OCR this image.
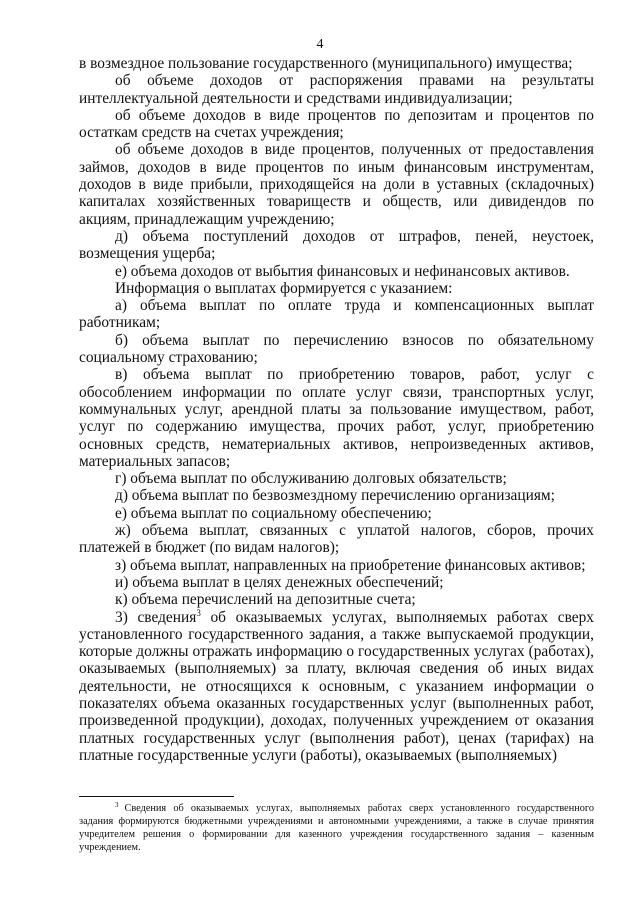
4

в возмездное пользование государственного (муниципального) имущества;

об объеме доходов от распоряжения правами на результаты интеллектуальной деятельности и средствами индивидуализации;

об объеме доходов в виде процентов по депозитам и процентов по остаткам средств на счетах учреждения;

об объеме доходов в виде процентов, полученных от предоставления займов, доходов в виде процентов по иным финансовым инструментам, доходов в виде прибыли, приходящейся на доли в уставных (складочных) капиталах хозяйственных товариществ и обществ, или дивидендов по акциям, принадлежащим учреждению;

д) объема поступлений доходов от штрафов, пеней, неустоек, возмещения ущерба;

е) объема доходов от выбытия финансовых и нефинансовых активов.

Информация о выплатах формируется с указанием:

а) объема выплат по оплате труда и компенсационных выплат работникам;

б) объема выплат по перечислению взносов по обязательному социальному страхованию;

в) объема выплат по приобретению товаров, работ, услуг с обособлением информации по оплате услуг связи, транспортных услуг, коммунальных услуг, арендной платы за пользование имуществом, работ, услуг по содержанию имущества, прочих работ, услуг, приобретению основных средств, нематериальных активов, непроизведенных активов, материальных запасов;

г) объема выплат по обслуживанию долговых обязательств;

д) объема выплат по безвозмездному перечислению организациям;

е) объема выплат по социальному обеспечению;

ж) объема выплат, связанных с уплатой налогов, сборов, прочих платежей в бюджет (по видам налогов);

з) объема выплат, направленных на приобретение финансовых активов;

и) объема выплат в целях денежных обеспечений;

к) объема перечислений на депозитные счета;

3) сведения$^3$ об оказываемых услугах, выполняемых работах сверх установленного государственного задания, а также выпускаемой продукции, которые должны отражать информацию о государственных услугах (работах), оказываемых (выполняемых) за плату, включая сведения об иных видах деятельности, не относящихся к основным, с указанием информации о показателях объема оказанных государственных услуг (выполненных работ, произведенной продукции), доходах, полученных учреждением от оказания платных государственных услуг (выполнения работ), ценах (тарифах) на платные государственные услуги (работы), оказываемых (выполняемых)

$^3$ Сведения об оказываемых услугах, выполняемых работах сверх установленного государственного задания формируются бюджетными учреждениями и автономными учреждениями, а также в случае принятия учредителем решения о формировании для казенного учреждения государственного задания – казенным учреждением.
